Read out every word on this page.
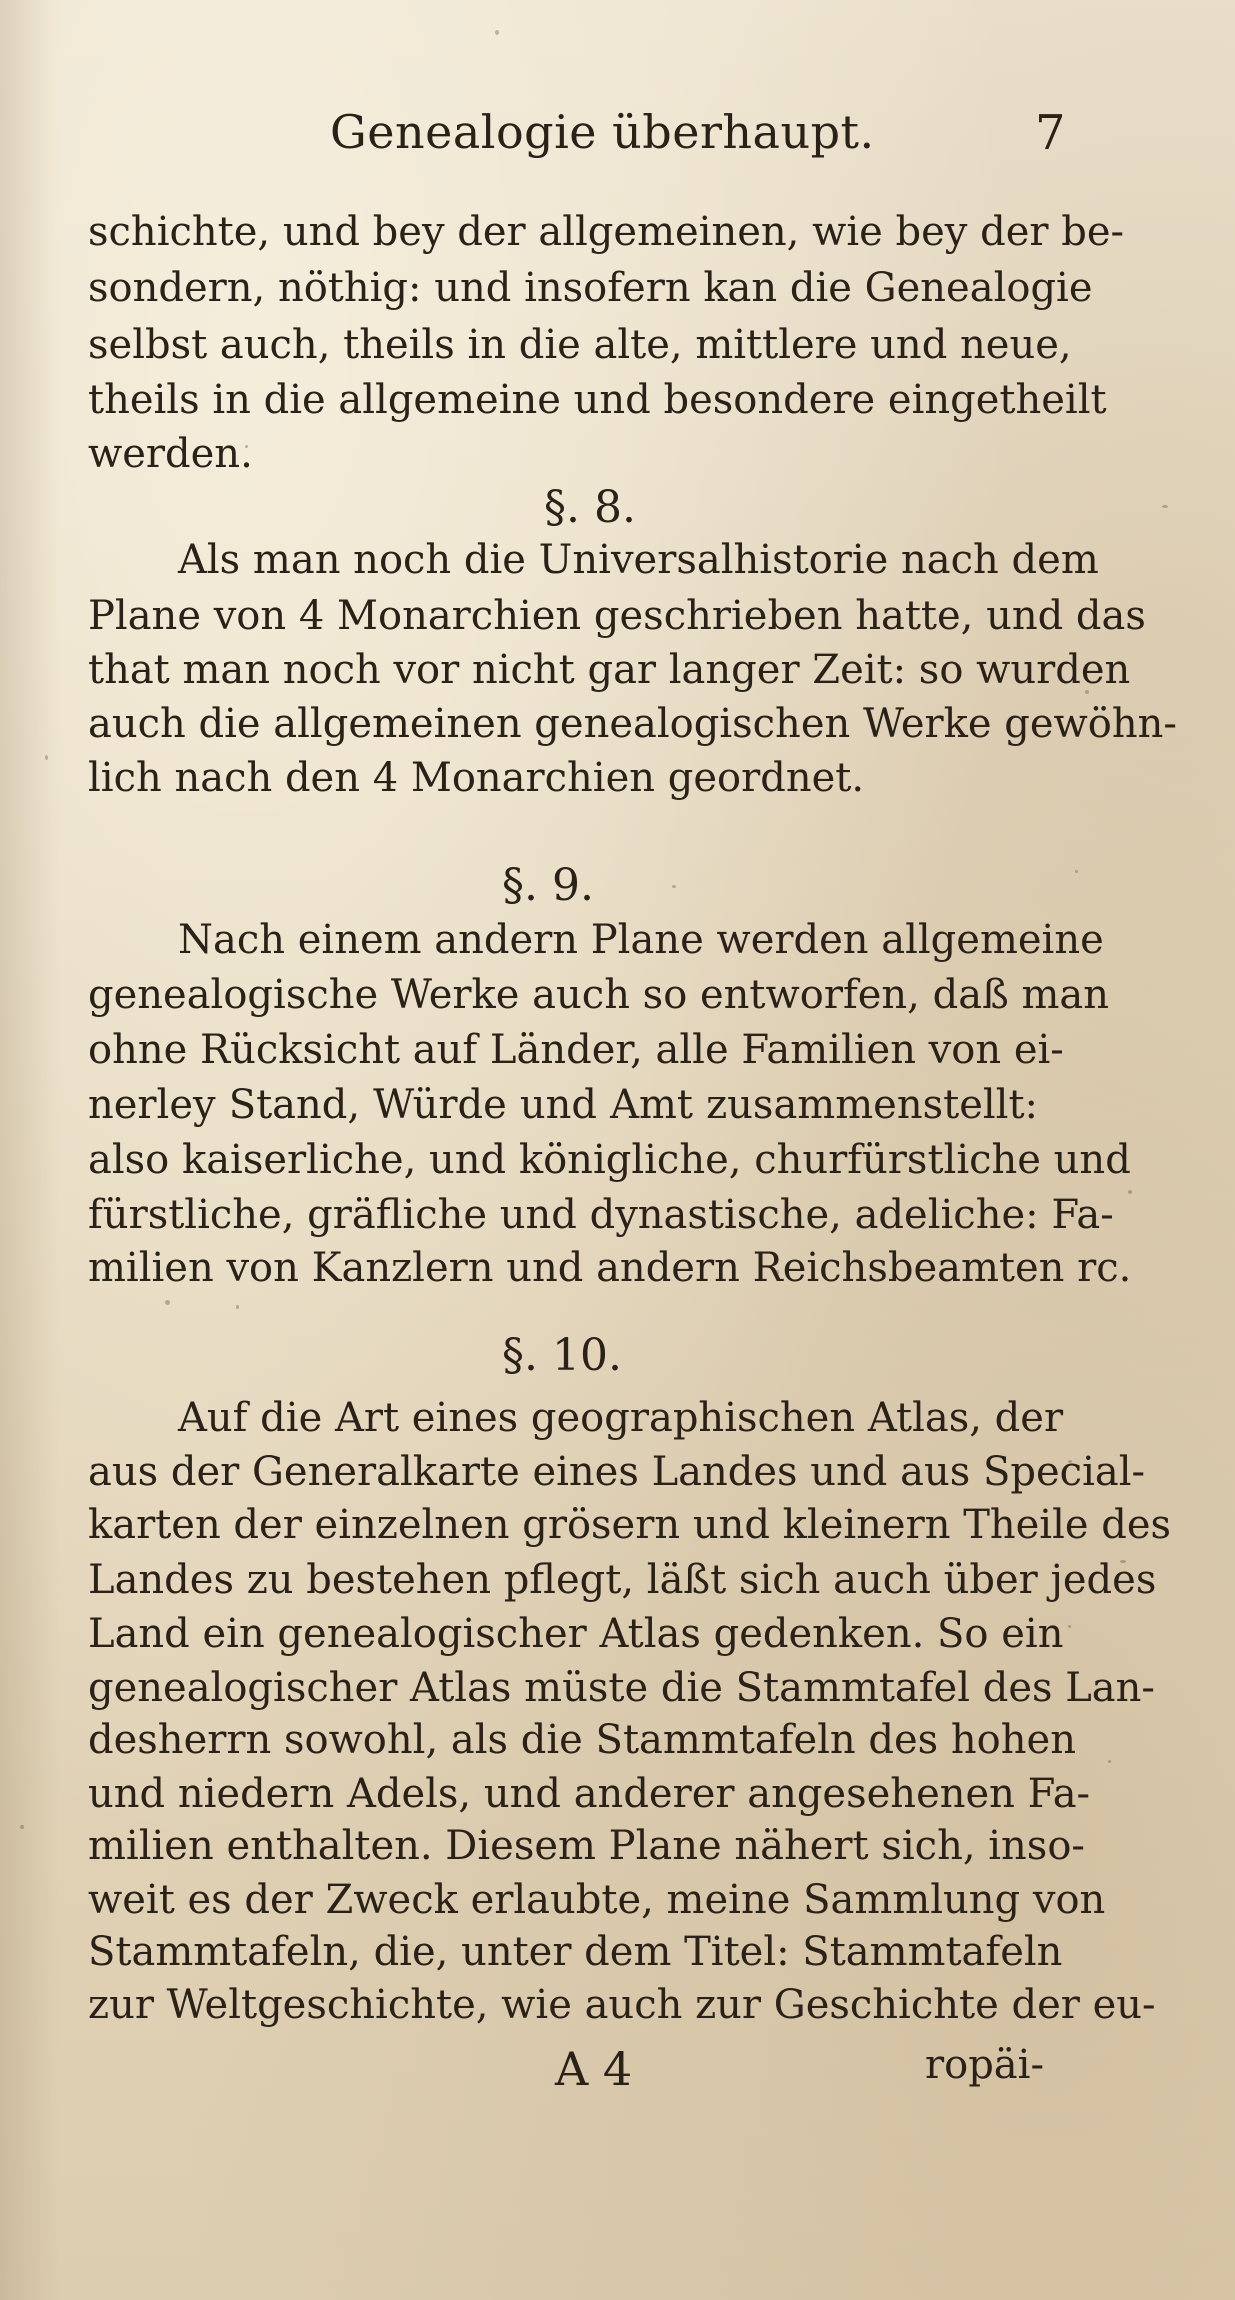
Genealogie überhaupt.	7
schichte, und bey der allgemeinen, wie bey der be-
sondern, nöthig: und insofern kan die Genealogie
selbst auch, theils in die alte, mittlere und neue,
theils in die allgemeine und besondere eingetheilt
werden.
§. 8.
Als man noch die Universalhistorie nach dem
Plane von 4 Monarchien geschrieben hatte, und das
that man noch vor nicht gar langer Zeit: so wurden
auch die allgemeinen genealogischen Werke gewöhn-
lich nach den 4 Monarchien geordnet.
§. 9.
Nach einem andern Plane werden allgemeine
genealogische Werke auch so entworfen, daß man
ohne Rücksicht auf Länder, alle Familien von ei-
nerley Stand, Würde und Amt zusammenstellt:
also kaiserliche, und königliche, churfürstliche und
fürstliche, gräfliche und dynastische, adeliche: Fa-
milien von Kanzlern und andern Reichsbeamten rc.
§. 10.
Auf die Art eines geographischen Atlas, der
aus der Generalkarte eines Landes und aus Special-
karten der einzelnen grösern und kleinern Theile des
Landes zu bestehen pflegt, läßt sich auch über jedes
Land ein genealogischer Atlas gedenken. So ein
genealogischer Atlas müste die Stammtafel des Lan-
desherrn sowohl, als die Stammtafeln des hohen
und niedern Adels, und anderer angesehenen Fa-
milien enthalten. Diesem Plane nähert sich, inso-
weit es der Zweck erlaubte, meine Sammlung von
Stammtafeln, die, unter dem Titel: Stammtafeln
zur Weltgeschichte, wie auch zur Geschichte der eu-
A 4	ropäi-
